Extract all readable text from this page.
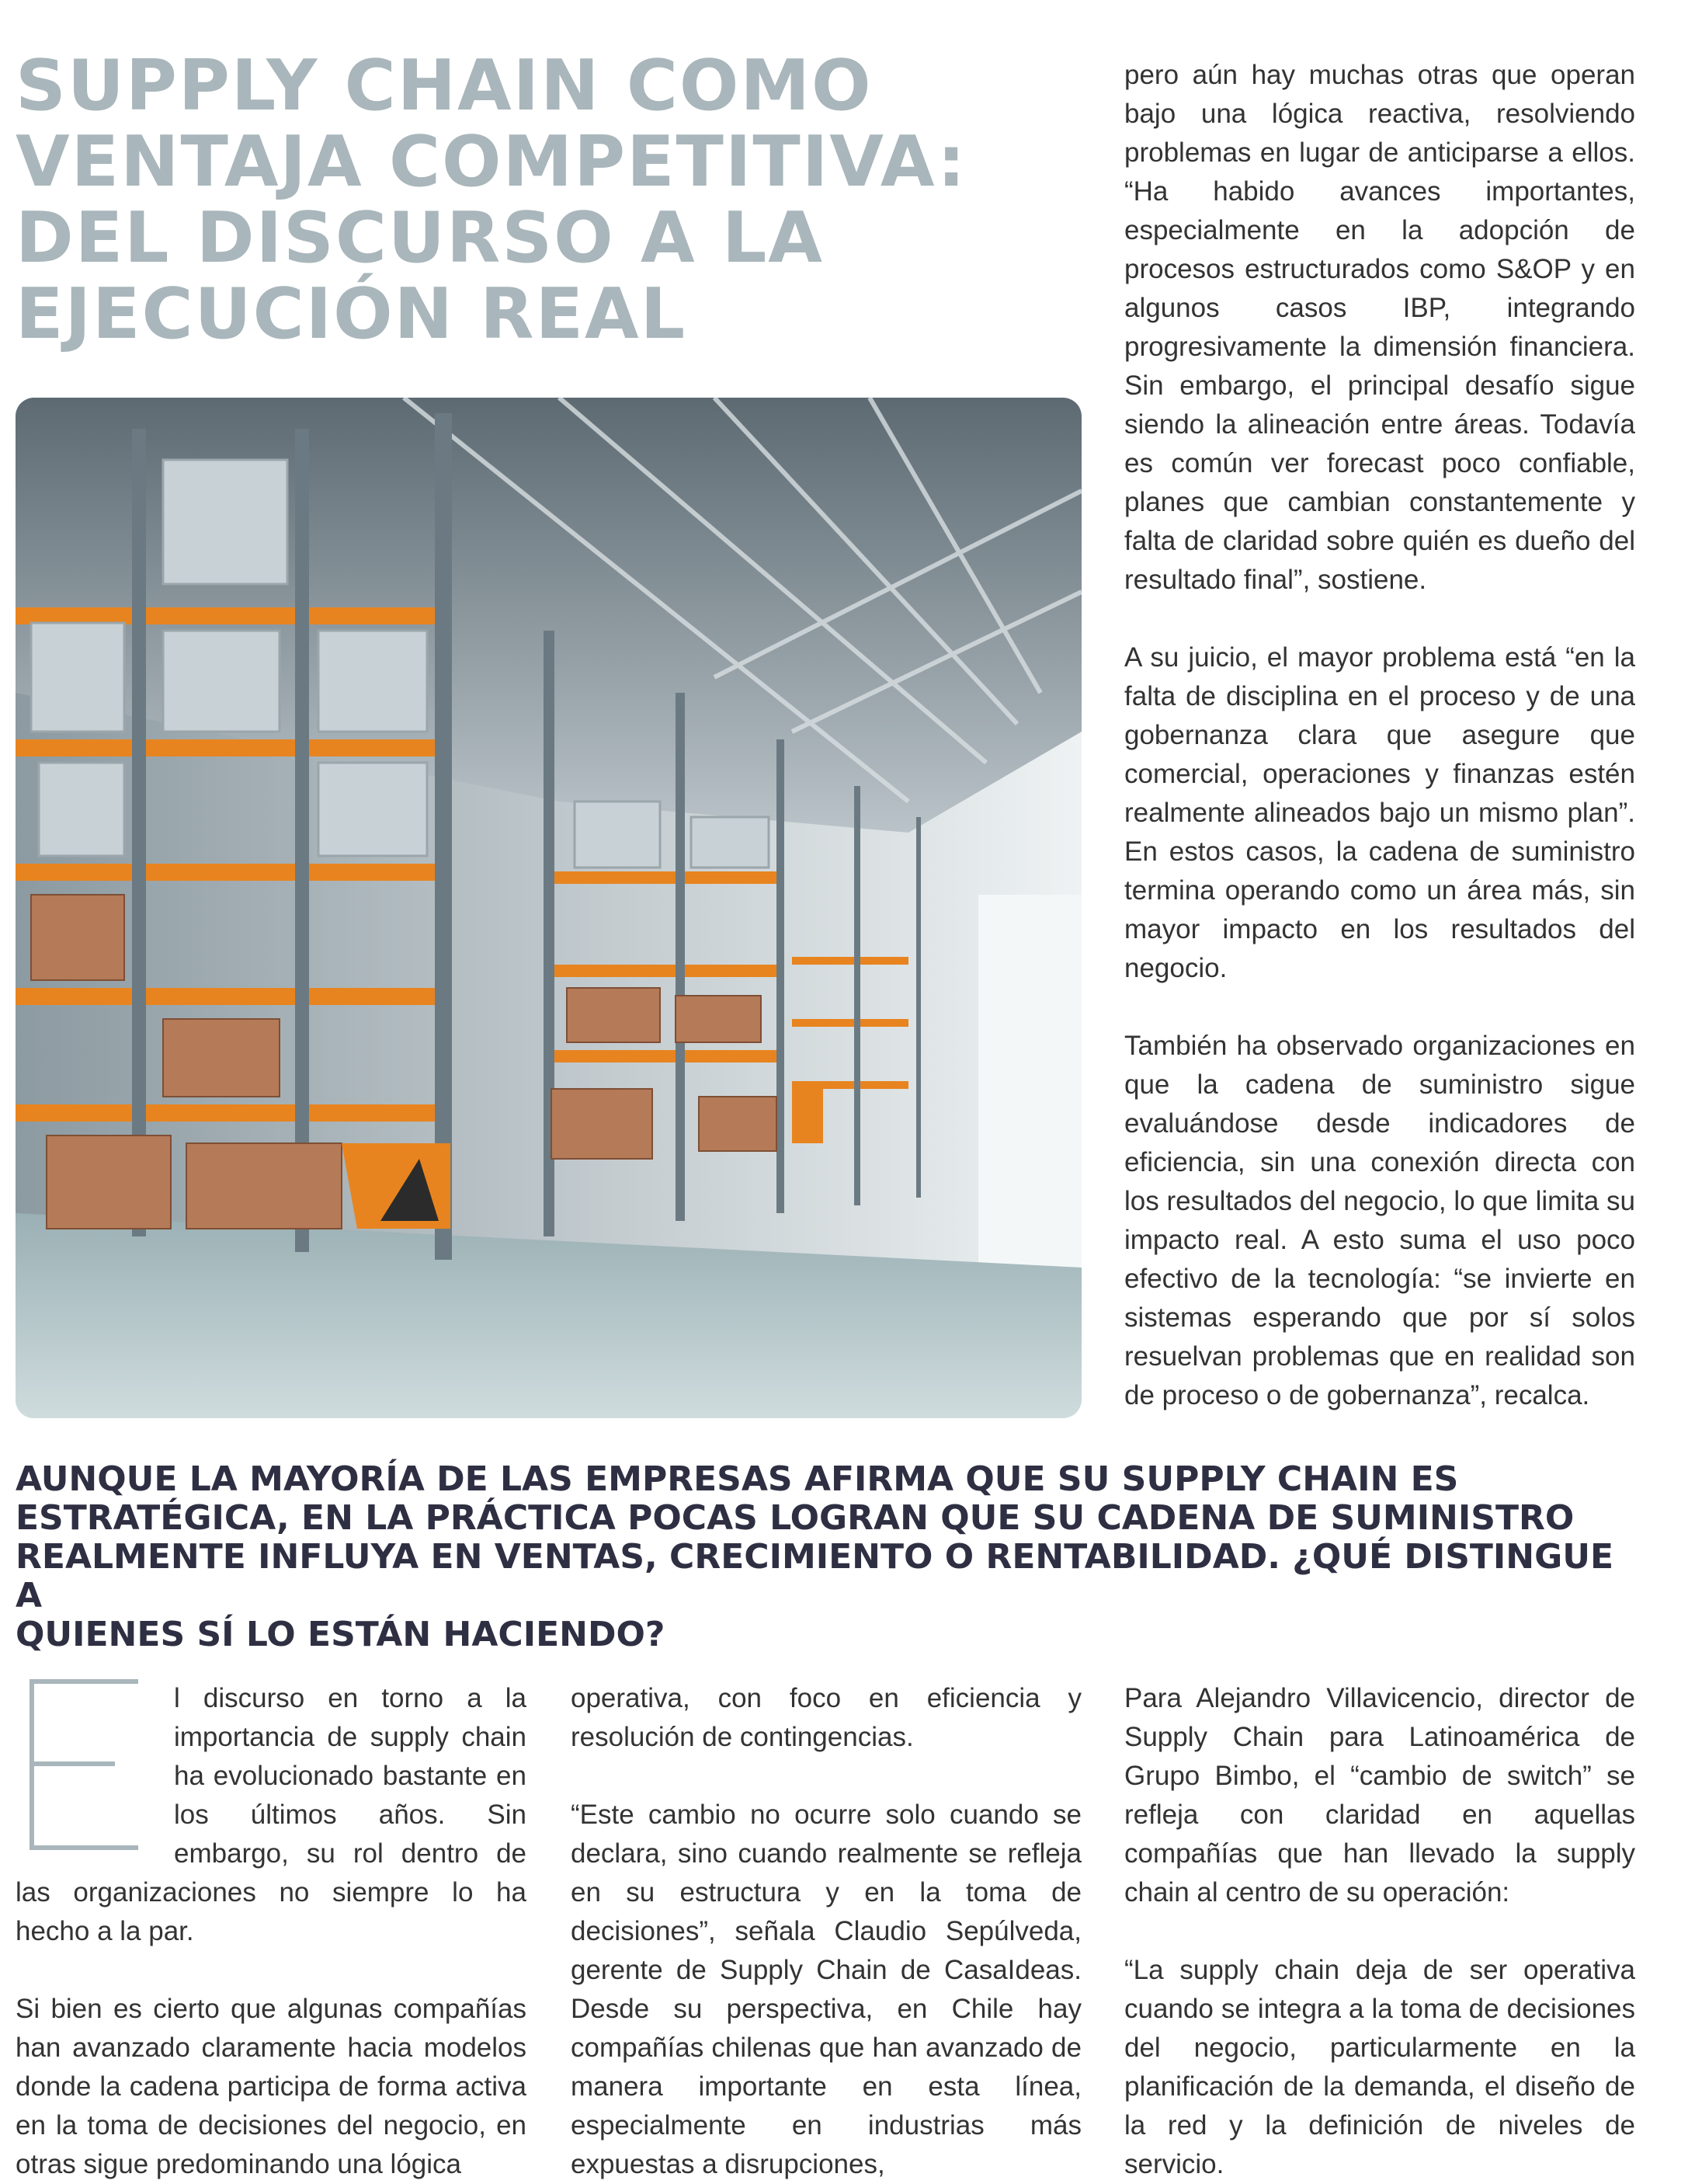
SUPPLY CHAIN COMO
VENTAJA COMPETITIVA:
DEL DISCURSO A LA
EJECUCIÓN REAL

pero aún hay muchas otras que operan bajo una lógica reactiva, resolviendo problemas en lugar de anticiparse a ellos. “Ha habido avances importantes, especialmente en la adopción de procesos estructurados como S&OP y en algunos casos IBP, integrando progresivamente la dimensión financiera. Sin embargo, el principal desafío sigue siendo la alineación entre áreas. Todavía es común ver forecast poco confiable, planes que cambian constantemente y falta de claridad sobre quién es dueño del resultado final”, sostiene.

A su juicio, el mayor problema está “en la falta de disciplina en el proceso y de una gobernanza clara que asegure que comercial, operaciones y finanzas estén realmente alineados bajo un mismo plan”. En estos casos, la cadena de suministro termina operando como un área más, sin mayor impacto en los resultados del negocio.

También ha observado organizaciones en que la cadena de suministro sigue evaluándose desde indicadores de eficiencia, sin una conexión directa con los resultados del negocio, lo que limita su impacto real. A esto suma el uso poco efectivo de la tecnología: “se invierte en sistemas esperando que por sí solos resuelvan problemas que en realidad son de proceso o de gobernanza”, recalca.

AUNQUE LA MAYORÍA DE LAS EMPRESAS AFIRMA QUE SU SUPPLY CHAIN ES
ESTRATÉGICA, EN LA PRÁCTICA POCAS LOGRAN QUE SU CADENA DE SUMINISTRO
REALMENTE INFLUYA EN VENTAS, CRECIMIENTO O RENTABILIDAD. ¿QUÉ DISTINGUE A
QUIENES SÍ LO ESTÁN HACIENDO?

l discurso en torno a la importancia de supply chain ha evolucionado bastante en los últimos años. Sin embargo, su rol dentro de las organizaciones no siempre lo ha hecho a la par.

Si bien es cierto que algunas compañías han avanzado claramente hacia modelos donde la cadena participa de forma activa en la toma de decisiones del negocio, en otras sigue predominando una lógica

operativa, con foco en eficiencia y resolución de contingencias.

“Este cambio no ocurre solo cuando se declara, sino cuando realmente se refleja en su estructura y en la toma de decisiones”, señala Claudio Sepúlveda, gerente de Supply Chain de CasaIdeas. Desde su perspectiva, en Chile hay compañías chilenas que han avanzado de manera importante en esta línea, especialmente en industrias más expuestas a disrupciones,

Para Alejandro Villavicencio, director de Supply Chain para Latinoamérica de Grupo Bimbo, el “cambio de switch” se refleja con claridad en aquellas compañías que han llevado la supply chain al centro de su operación:

“La supply chain deja de ser operativa cuando se integra a la toma de decisiones del negocio, particularmente en la planificación de la demanda, el diseño de la red y la definición de niveles de servicio.
